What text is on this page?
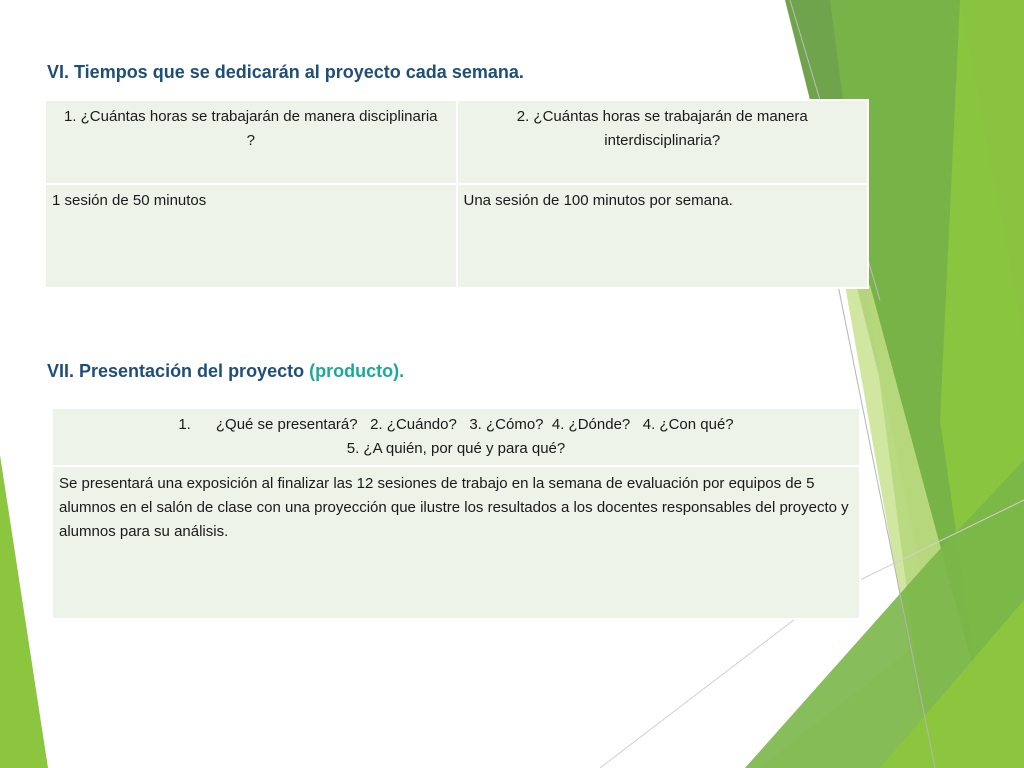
VI. Tiempos que se dedicarán al proyecto cada semana.
1. ¿Cuántas horas se trabajarán de manera disciplinaria ?	2. ¿Cuántas horas se trabajarán de manera interdisciplinaria?
1 sesión de 50 minutos	Una sesión de 100 minutos por semana.
VII. Presentación del proyecto (producto).
1.      ¿Qué se presentará?   2. ¿Cuándo?   3. ¿Cómo?  4. ¿Dónde?   4. ¿Con qué?
5. ¿A quién, por qué y para qué?

Se presentará una exposición al finalizar las 12 sesiones de trabajo en la semana de evaluación por equipos de 5 alumnos en el salón de clase con una proyección que ilustre los resultados a los docentes responsables del proyecto y alumnos para su análisis.
